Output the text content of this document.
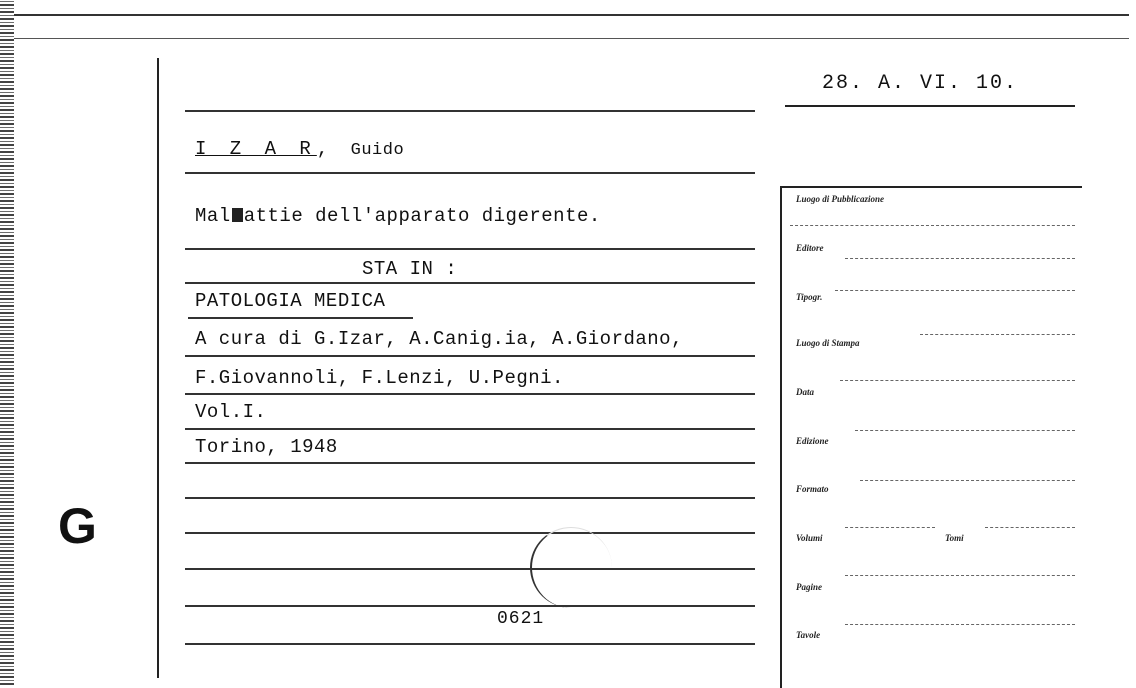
28. A. VI. 10.
I Z A R, Guido
Mal attie dell'apparato digerente.
STA IN :
PATOLOGIA MEDICA
A cura di G.Izar, A.Canig.ia, A.Giordano,
F.Giovannoli, F.Lenzi, U.Pegni.
Vol.I.
Torino, 1948
0621
G
Luogo di Pubblicazione
Editore
Tipogr.
Luogo di Stampa
Data
Edizione
Formato
Volumi	Tomi
Pagine
Tavole
